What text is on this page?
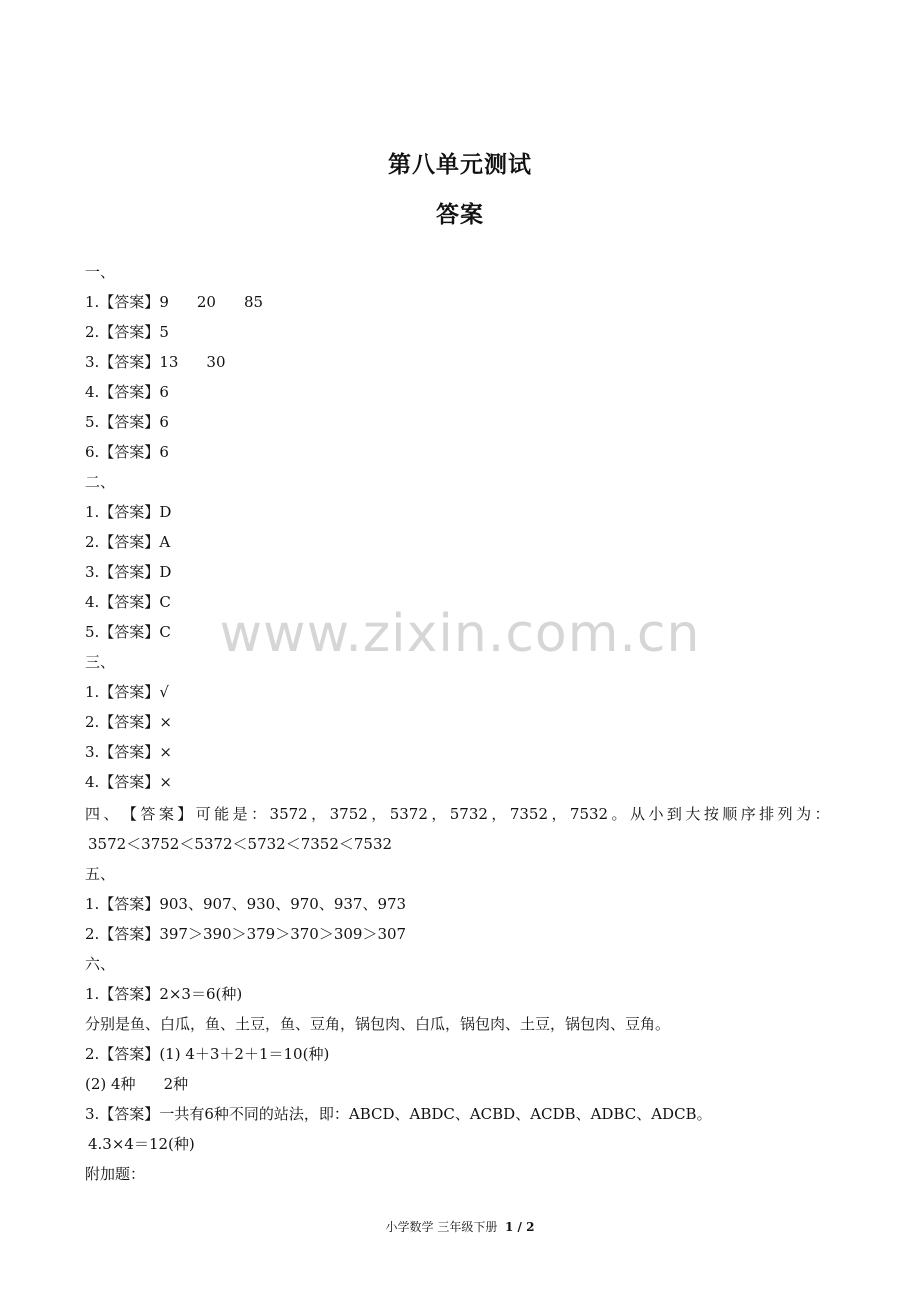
第八单元测试
答案
www.zixin.com.cn
一、
1.【答案】9 20 85
2.【答案】5
3.【答案】13 30
4.【答案】6
5.【答案】6
6.【答案】6
二、
1.【答案】D
2.【答案】A
3.【答案】D
4.【答案】C
5.【答案】C
三、
1.【答案】√
2.【答案】×
3.【答案】×
4.【答案】×
四 、 【 答 案 】 可 能 是 ： 3572 ， 3752 ， 5372 ， 5732 ， 7352 ， 7532 。 从 小 到 大 按 顺 序 排 列 为 ：
3572＜3752＜5372＜5732＜7352＜7532
五、
1.【答案】903、907、930、970、937、973
2.【答案】397＞390＞379＞370＞309＞307
六、
1.【答案】2×3＝6(种)
分别是鱼、白瓜，鱼、土豆，鱼、豆角，锅包肉、白瓜，锅包肉、土豆，锅包肉、豆角。
2.【答案】(1) 4＋3＋2＋1＝10(种)
(2) 4种 2种
3.【答案】一共有6种不同的站法，即：ABCD、ABDC、ACBD、ACDB、ADBC、ADCB。
4.3×4＝12(种)
附加题：
小学数学 三年级下册 1 / 2
